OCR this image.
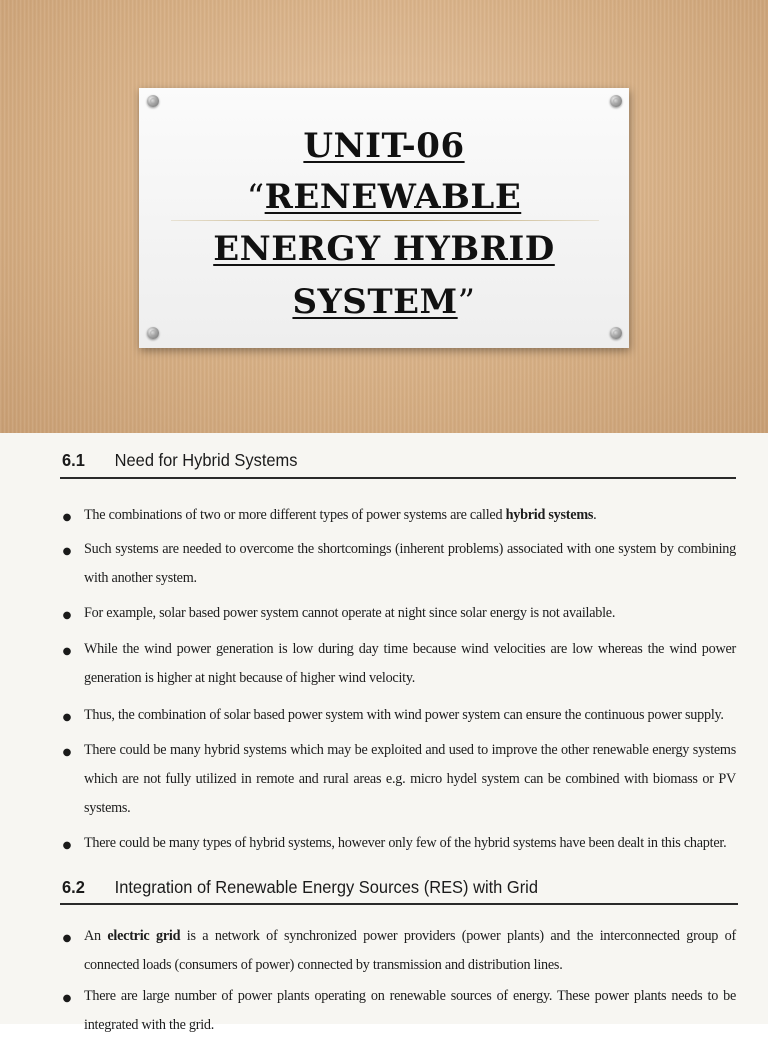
UNIT-06
“RENEWABLE
ENERGY HYBRID
SYSTEM”
6.1 Need for Hybrid Systems
● The combinations of two or more different types of power systems are called hybrid systems.
● Such systems are needed to overcome the shortcomings (inherent problems) associated with one system by combining with another system.
● For example, solar based power system cannot operate at night since solar energy is not available.
● While the wind power generation is low during day time because wind velocities are low whereas the wind power generation is higher at night because of higher wind velocity.
● Thus, the combination of solar based power system with wind power system can ensure the continuous power supply.
● There could be many hybrid systems which may be exploited and used to improve the other renewable energy systems which are not fully utilized in remote and rural areas e.g. micro hydel system can be combined with biomass or PV systems.
● There could be many types of hybrid systems, however only few of the hybrid systems have been dealt in this chapter.
6.2 Integration of Renewable Energy Sources (RES) with Grid
● An electric grid is a network of synchronized power providers (power plants) and the interconnected group of connected loads (consumers of power) connected by transmission and distribution lines.
● There are large number of power plants operating on renewable sources of energy. These power plants needs to be integrated with the grid.
